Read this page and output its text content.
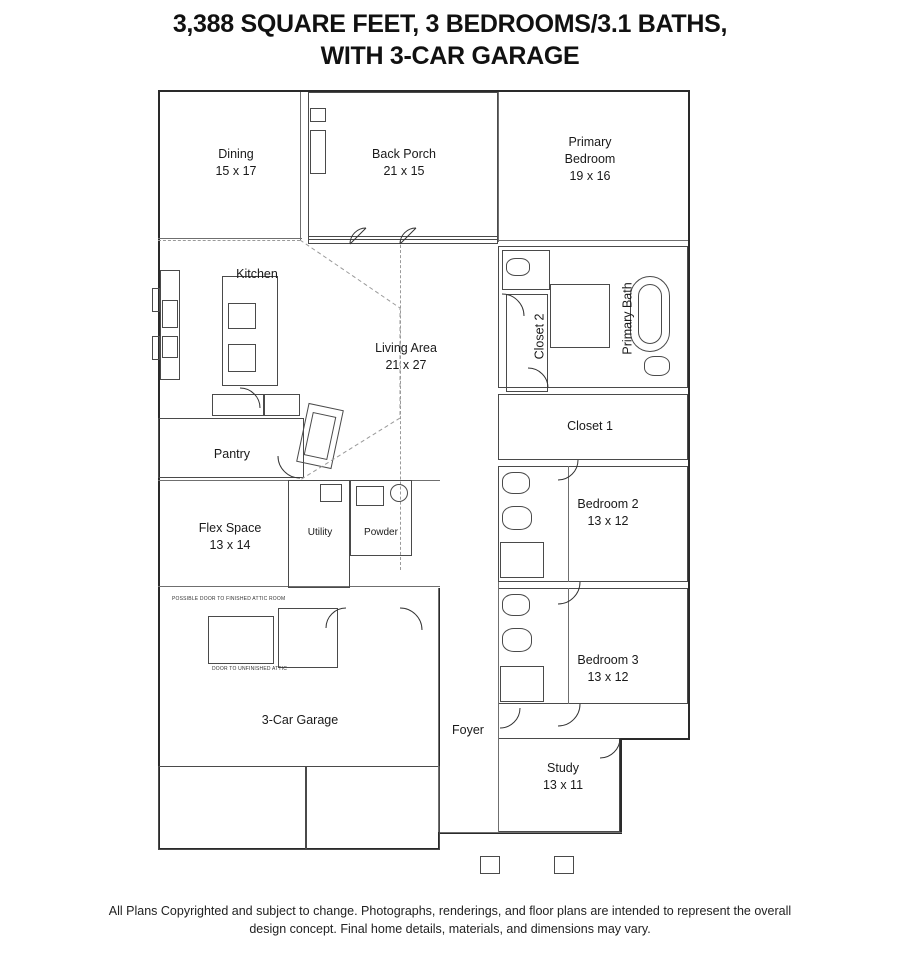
3,388 SQUARE FEET, 3 BEDROOMS/3.1 BATHS,
WITH 3-CAR GARAGE
Dining
15 x 17
Back Porch
21 x 15
Primary
Bedroom
19 x 16
Kitchen
Living Area
21 x 27
Primary Bath
Closet 2
Closet 1
Pantry
Bedroom 2
13 x 12
Flex Space
13 x 14
Utility	Powder
Bedroom 3
13 x 12
3-Car Garage
Foyer
Study
13 x 11
POSSIBLE DOOR TO FINISHED ATTIC ROOM
DOOR TO UNFINISHED ATTIC
All Plans Copyrighted and subject to change. Photographs, renderings, and floor plans are intended to represent the overall
design concept. Final home details, materials, and dimensions may vary.
